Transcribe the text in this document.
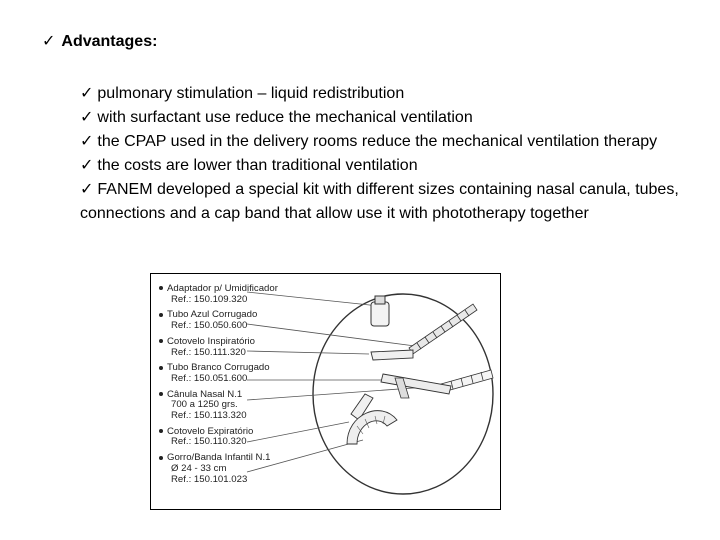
✓ Advantages:

✓ pulmonary stimulation – liquid redistribution

✓ with surfactant use reduce the mechanical ventilation

✓ the CPAP used in the delivery rooms reduce the mechanical ventilation therapy

✓ the costs are lower than traditional ventilation

✓ FANEM developed a special kit with different sizes containing nasal canula, tubes, connections and a cap band that allow use it with phototherapy together

Adaptador p/ Umidificador
Ref.: 150.109.320

Tubo Azul Corrugado
Ref.: 150.050.600

Cotovelo Inspiratório
Ref.: 150.111.320

Tubo Branco Corrugado
Ref.: 150.051.600

Cânula Nasal N.1
700 a 1250 grs.
Ref.: 150.113.320

Cotovelo Expiratório
Ref.: 150.110.320

Gorro/Banda Infantil N.1
Ø 24 - 33 cm
Ref.: 150.101.023
